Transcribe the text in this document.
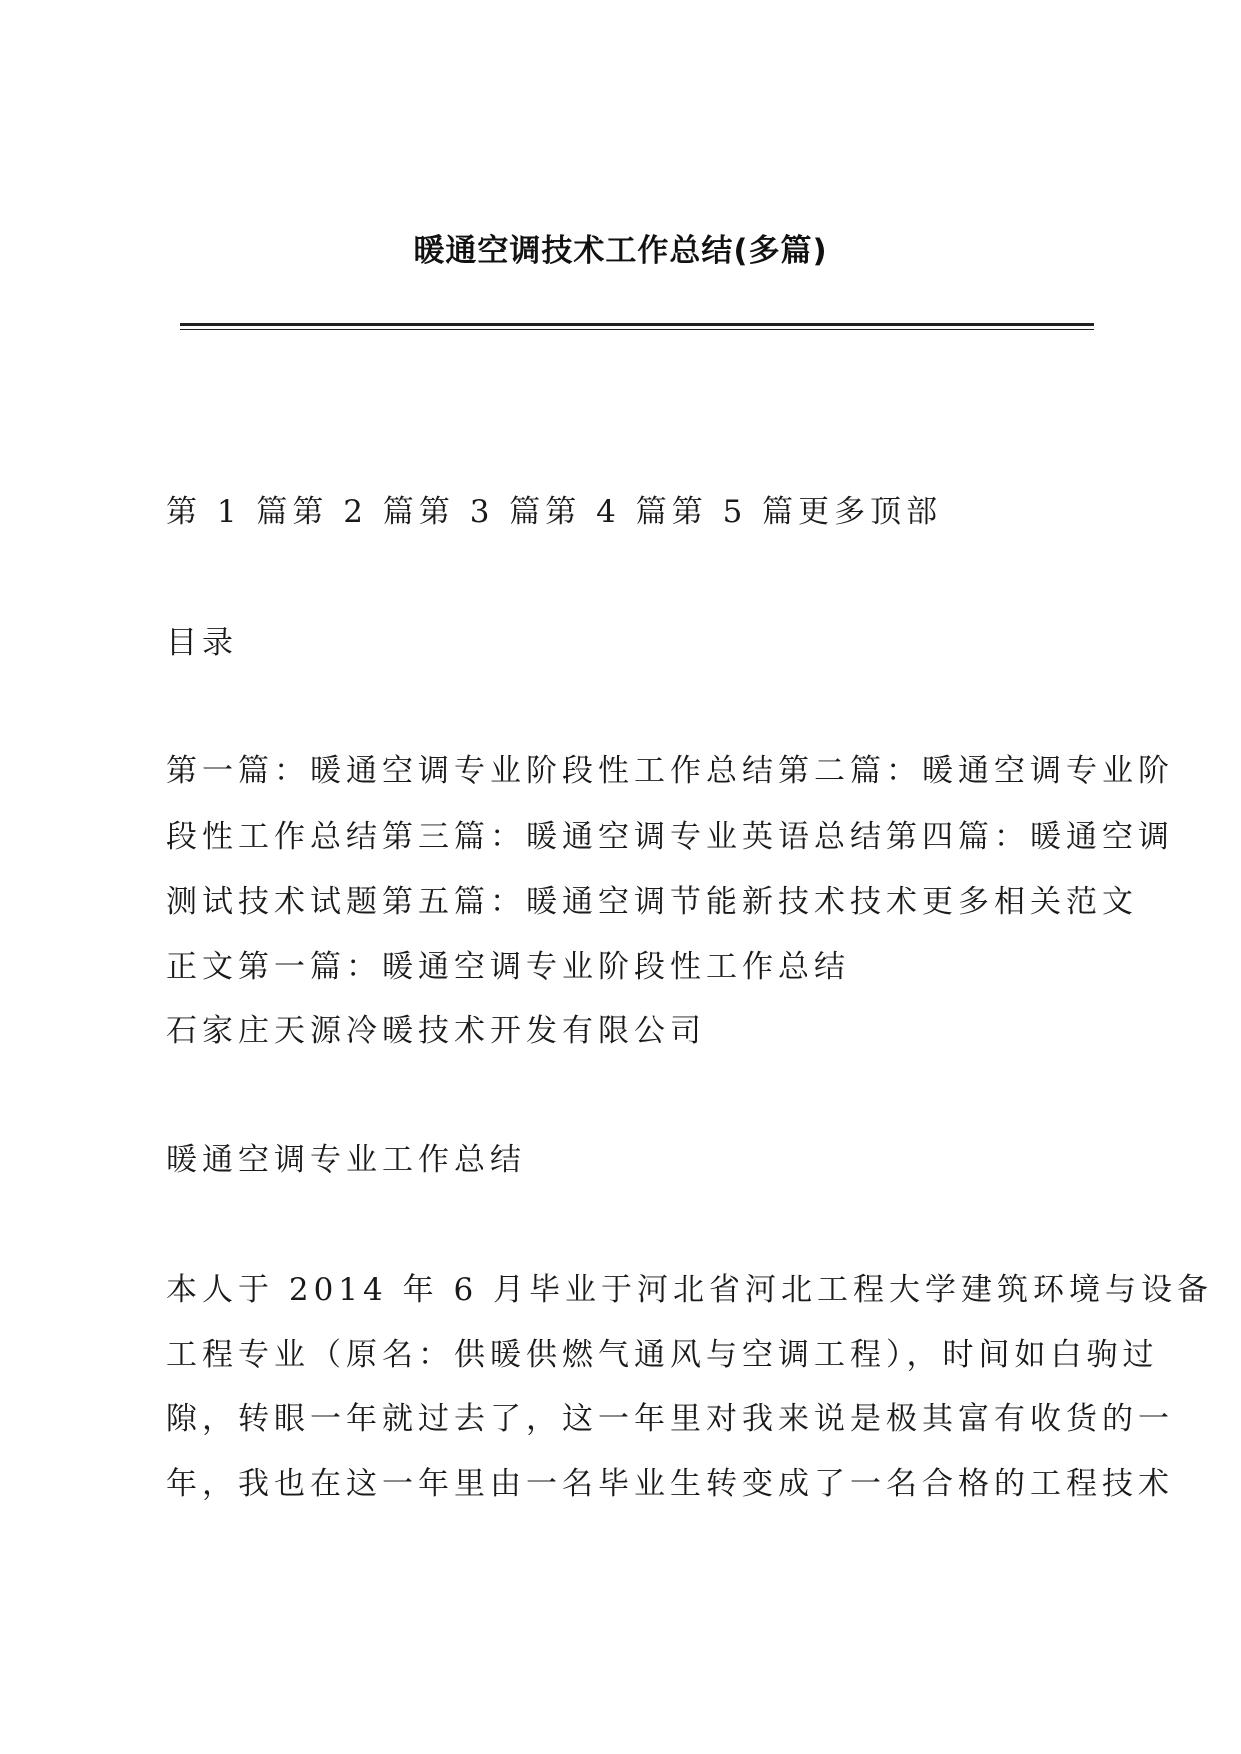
暖通空调技术工作总结(多篇)
第 1 篇第 2 篇第 3 篇第 4 篇第 5 篇更多顶部
目录
第一篇：暖通空调专业阶段性工作总结第二篇：暖通空调专业阶
段性工作总结第三篇：暖通空调专业英语总结第四篇：暖通空调
测试技术试题第五篇：暖通空调节能新技术技术更多相关范文
正文第一篇：暖通空调专业阶段性工作总结
石家庄天源冷暖技术开发有限公司
暖通空调专业工作总结
本人于 2014 年 6 月毕业于河北省河北工程大学建筑环境与设备
工程专业（原名：供暖供燃气通风与空调工程），时间如白驹过
隙，转眼一年就过去了，这一年里对我来说是极其富有收货的一
年，我也在这一年里由一名毕业生转变成了一名合格的工程技术
